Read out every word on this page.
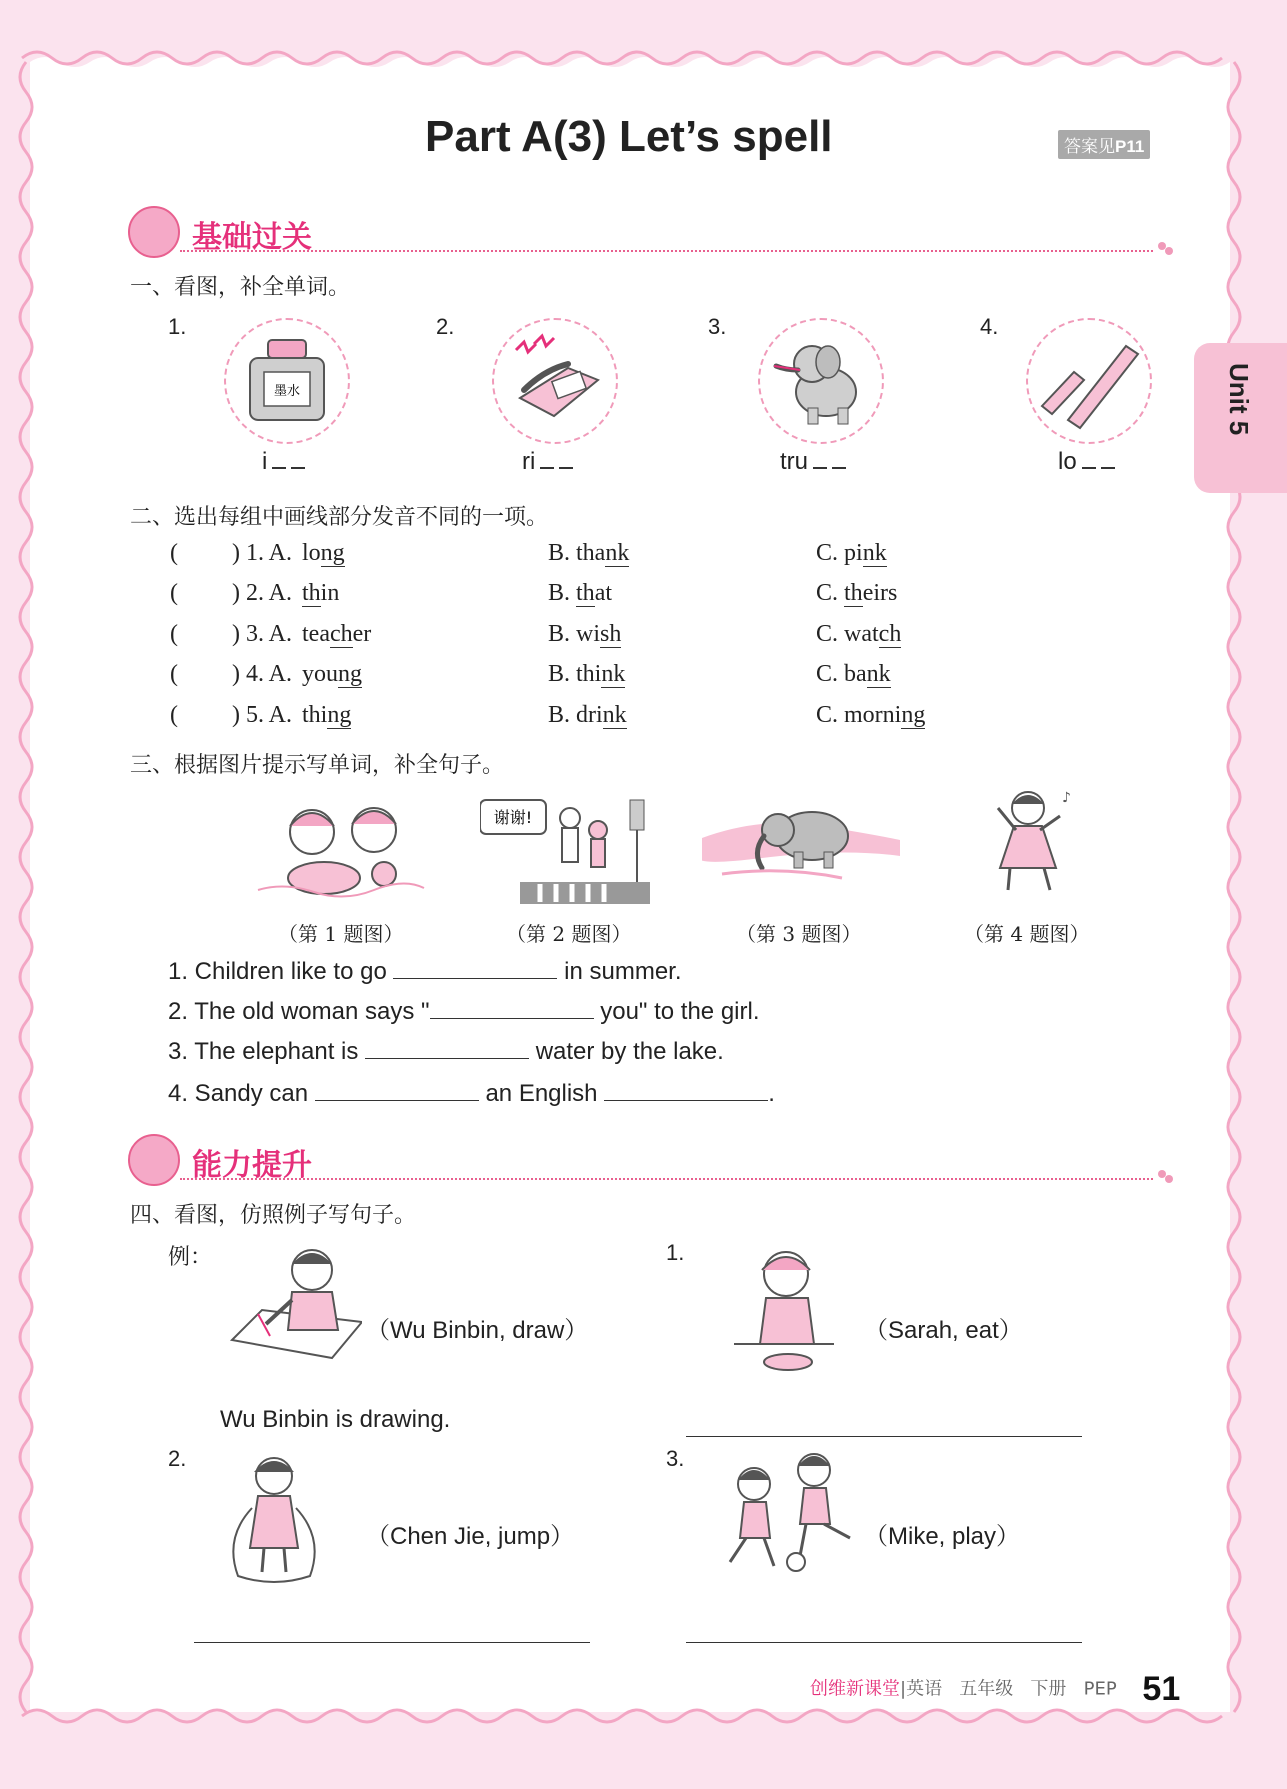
Unit 5
Part A(3) Let’s spell	答案见P11
基础过关
一、看图，补全单词。
1.
墨水
i
2.
ri
3.
tru
4.
lo
二、选出每组中画线部分发音不同的一项。
( ) 1. A. long	B. thank	C. pink
( ) 2. A. thin	B. that	C. theirs
( ) 3. A. teacher	B. wish	C. watch
( ) 4. A. young	B. think	C. bank
( ) 5. A. thing	B. drink	C. morning
三、根据图片提示写单词，补全句子。
谢谢!
♪
（第 1 题图）	（第 2 题图）	（第 3 题图）	（第 4 题图）
1. Children like to go	in summer.
2. The old woman says "	you" to the girl.
3. The elephant is	water by the lake.
4. Sandy can	an English	.
能力提升
四、看图，仿照例子写句子。
例：
（Wu Binbin, draw）
Wu Binbin is drawing.
1.
（Sarah, eat）
2.
（Chen Jie, jump）
3.
（Mike, play）
创维新课堂|英语 五年级 下册 PEP 51
